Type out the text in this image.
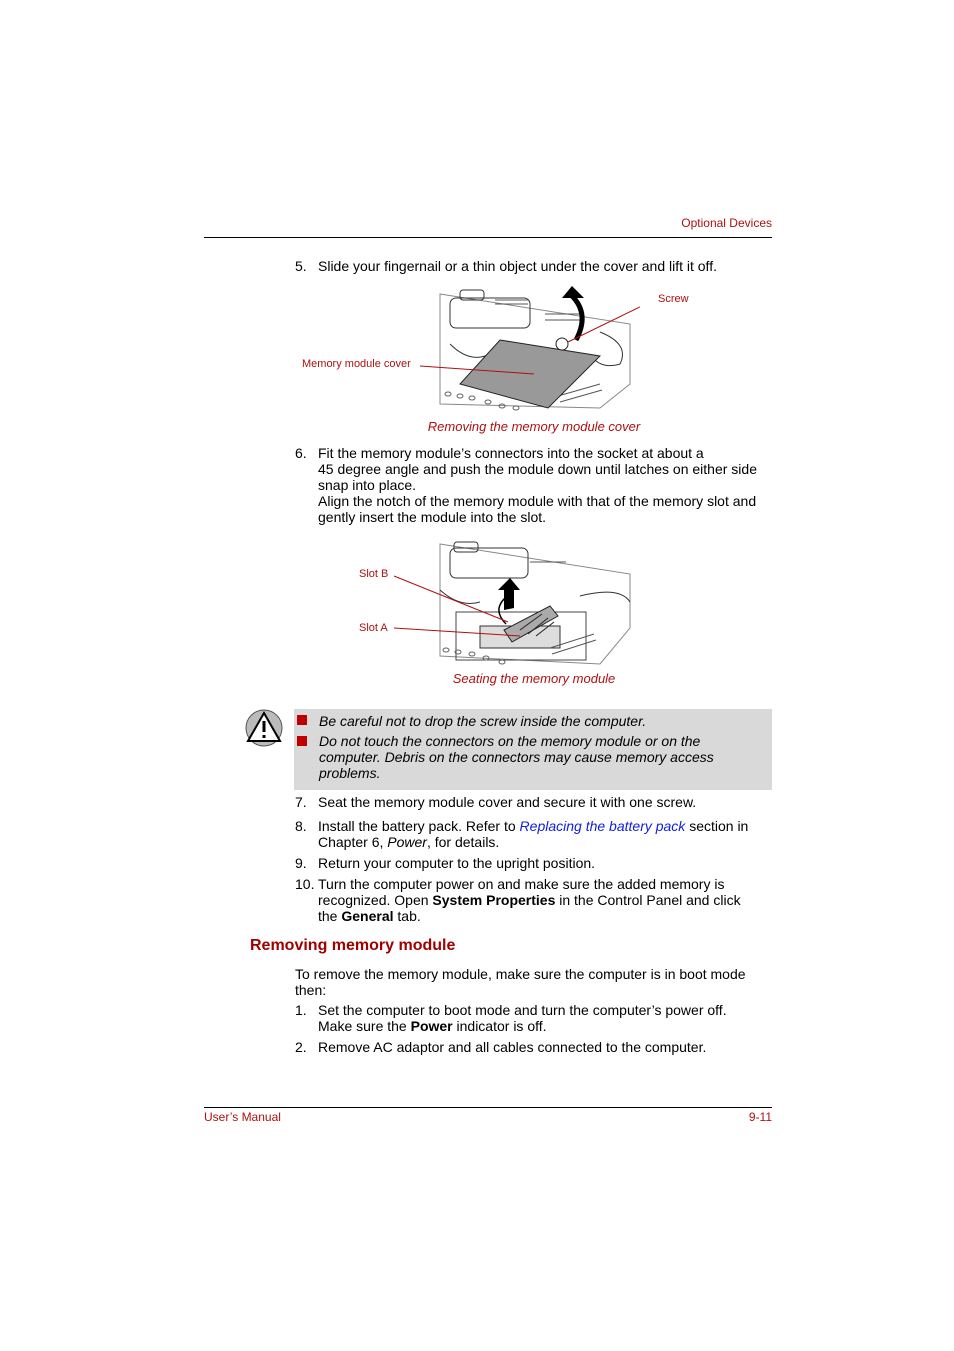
Optional Devices
5. Slide your fingernail or a thin object under the cover and lift it off.
Screw
Memory module cover
Removing the memory module cover
6. Fit the memory module’s connectors into the socket at about a
45 degree angle and push the module down until latches on either side
snap into place.
Align the notch of the memory module with that of the memory slot and
gently insert the module into the slot.
Slot B
Slot A
Seating the memory module
Be careful not to drop the screw inside the computer.
Do not touch the connectors on the memory module or on the
computer. Debris on the connectors may cause memory access
problems.
7. Seat the memory module cover and secure it with one screw.
8. Install the battery pack. Refer to Replacing the battery pack section in
Chapter 6, Power, for details.
9. Return your computer to the upright position.
10. Turn the computer power on and make sure the added memory is
recognized. Open System Properties in the Control Panel and click
the General tab.
Removing memory module
To remove the memory module, make sure the computer is in boot mode
then:
1. Set the computer to boot mode and turn the computer’s power off.
Make sure the Power indicator is off.
2. Remove AC adaptor and all cables connected to the computer.
User’s Manual	9-11
